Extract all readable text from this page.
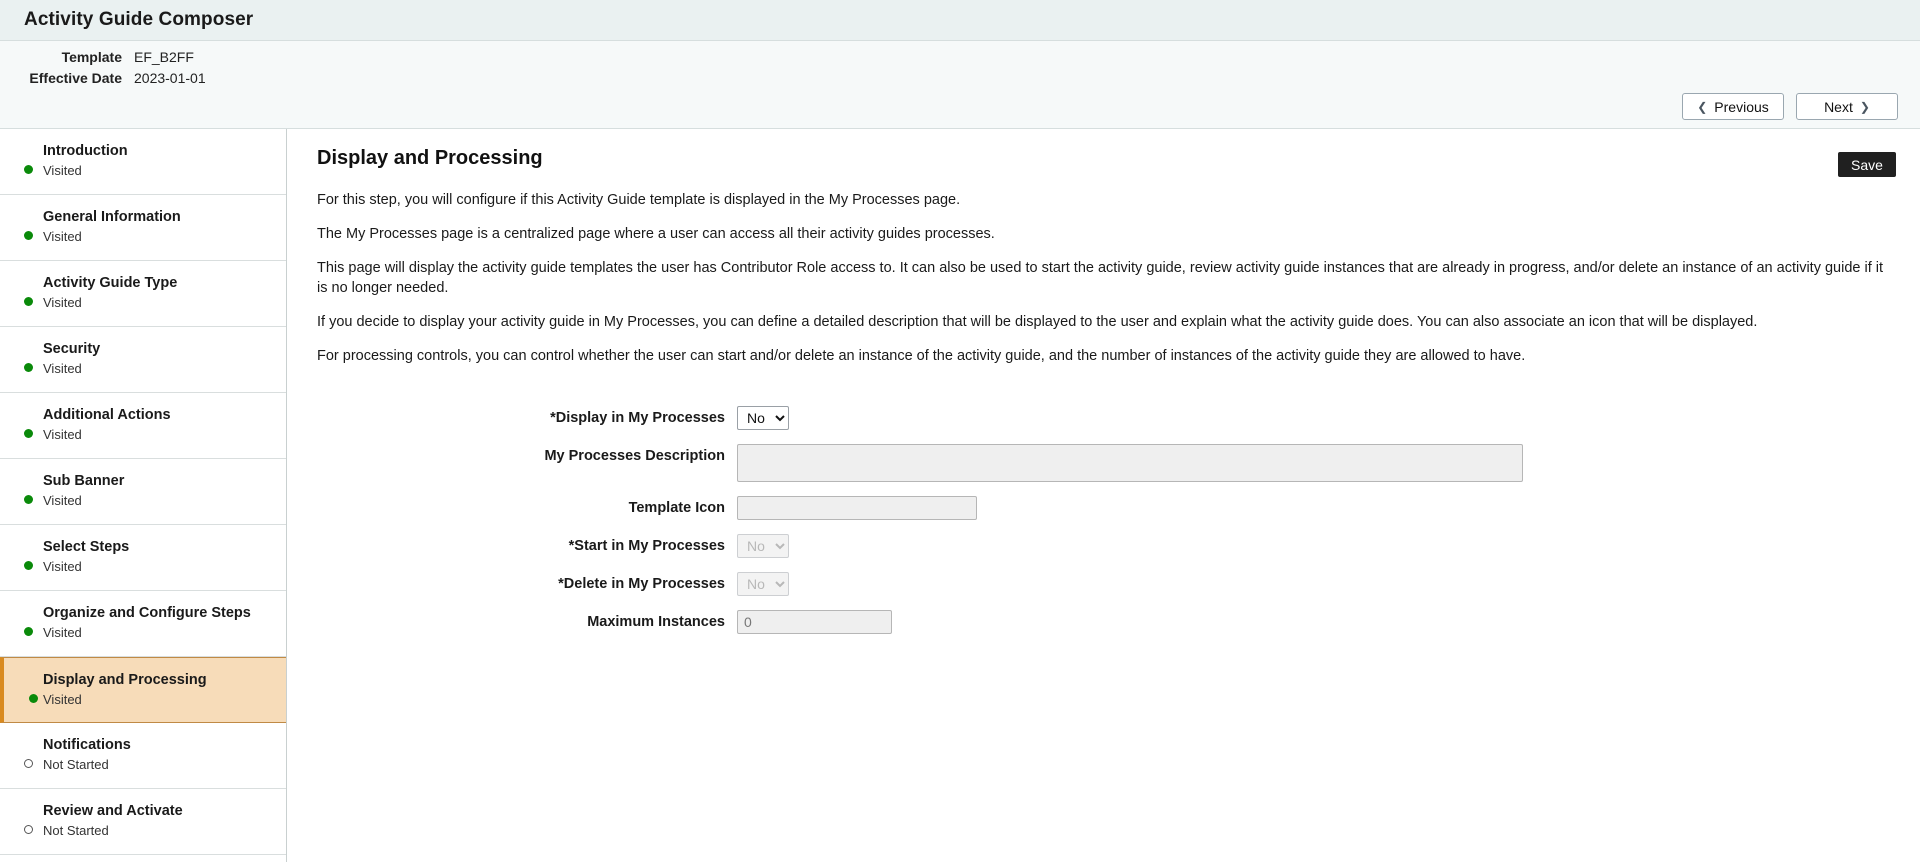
Activity Guide Composer
Template EF_B2FF
Effective Date 2023-01-01
❮ Previous	Next ❯
Introduction
Visited
General Information
Visited
Activity Guide Type
Visited
Security
Visited
Additional Actions
Visited
Sub Banner
Visited
Select Steps
Visited
Organize and Configure Steps
Visited
Display and Processing
Visited
Notifications
Not Started
Review and Activate
Not Started
Save
Display and Processing

For this step, you will configure if this Activity Guide template is displayed in the My Processes page.

The My Processes page is a centralized page where a user can access all their activity guides processes.

This page will display the activity guide templates the user has Contributor Role access to. It can also be used to start the activity guide, review activity guide instances that are already in progress, and/or delete an instance of an activity guide if it is no longer needed.

If you decide to display your activity guide in My Processes, you can define a detailed description that will be displayed to the user and explain what the activity guide does. You can also associate an icon that will be displayed.

For processing controls, you can control whether the user can start and/or delete an instance of the activity guide, and the number of instances of the activity guide they are allowed to have.

*Display in My Processes
No
My Processes Description
Template Icon
*Start in My Processes
No
*Delete in My Processes
No
Maximum Instances
0
